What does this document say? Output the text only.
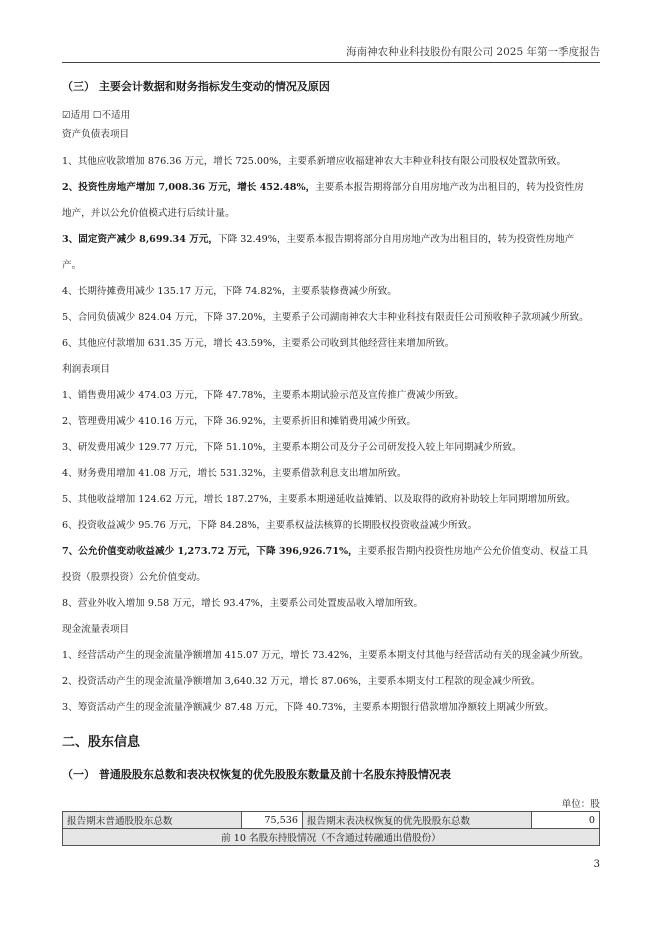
海南神农种业科技股份有限公司 2025 年第一季度报告
（三） 主要会计数据和财务指标发生变动的情况及原因
☑适用 ☐不适用
资产负债表项目
1、其他应收款增加 876.36 万元，增长 725.00%，主要系新增应收福建神农大丰种业科技有限公司股权处置款所致。
2、投资性房地产增加 7,008.36 万元，增长 452.48%，主要系本报告期将部分自用房地产改为出租目的，转为投资性房
地产，并以公允价值模式进行后续计量。
3、固定资产减少 8,699.34 万元，下降 32.49%，主要系本报告期将部分自用房地产改为出租目的，转为投资性房地产
产。
4、长期待摊费用减少 135.17 万元，下降 74.82%，主要系装修费减少所致。
5、合同负债减少 824.04 万元，下降 37.20%，主要系子公司湖南神农大丰种业科技有限责任公司预收种子款项减少所致。
6、其他应付款增加 631.35 万元，增长 43.59%，主要系公司收到其他经营往来增加所致。
利润表项目
1、销售费用减少 474.03 万元，下降 47.78%，主要系本期试验示范及宣传推广费减少所致。
2、管理费用减少 410.16 万元，下降 36.92%，主要系折旧和摊销费用减少所致。
3、研发费用减少 129.77 万元，下降 51.10%，主要系本期公司及分子公司研发投入较上年同期减少所致。
4、财务费用增加 41.08 万元，增长 531.32%，主要系借款利息支出增加所致。
5、其他收益增加 124.62 万元，增长 187.27%，主要系本期递延收益摊销、以及取得的政府补助较上年同期增加所致。
6、投资收益减少 95.76 万元，下降 84.28%，主要系权益法核算的长期股权投资收益减少所致。
7、公允价值变动收益减少 1,273.72 万元，下降 396,926.71%，主要系报告期内投资性房地产公允价值变动、权益工具
投资（股票投资）公允价值变动。
8、营业外收入增加 9.58 万元，增长 93.47%，主要系公司处置废品收入增加所致。
现金流量表项目
1、经营活动产生的现金流量净额增加 415.07 万元，增长 73.42%，主要系本期支付其他与经营活动有关的现金减少所致。
2、投资活动产生的现金流量净额增加 3,640.32 万元，增长 87.06%，主要系本期支付工程款的现金减少所致。
3、筹资活动产生的现金流量净额减少 87.48 万元，下降 40.73%，主要系本期银行借款增加净额较上期减少所致。
二、股东信息
（一） 普通股股东总数和表决权恢复的优先股股东数量及前十名股东持股情况表
单位：股
报告期末普通股股东总数	75,536	报告期末表决权恢复的优先股股东总数	0
前 10 名股东持股情况（不含通过转融通出借股份）
3
